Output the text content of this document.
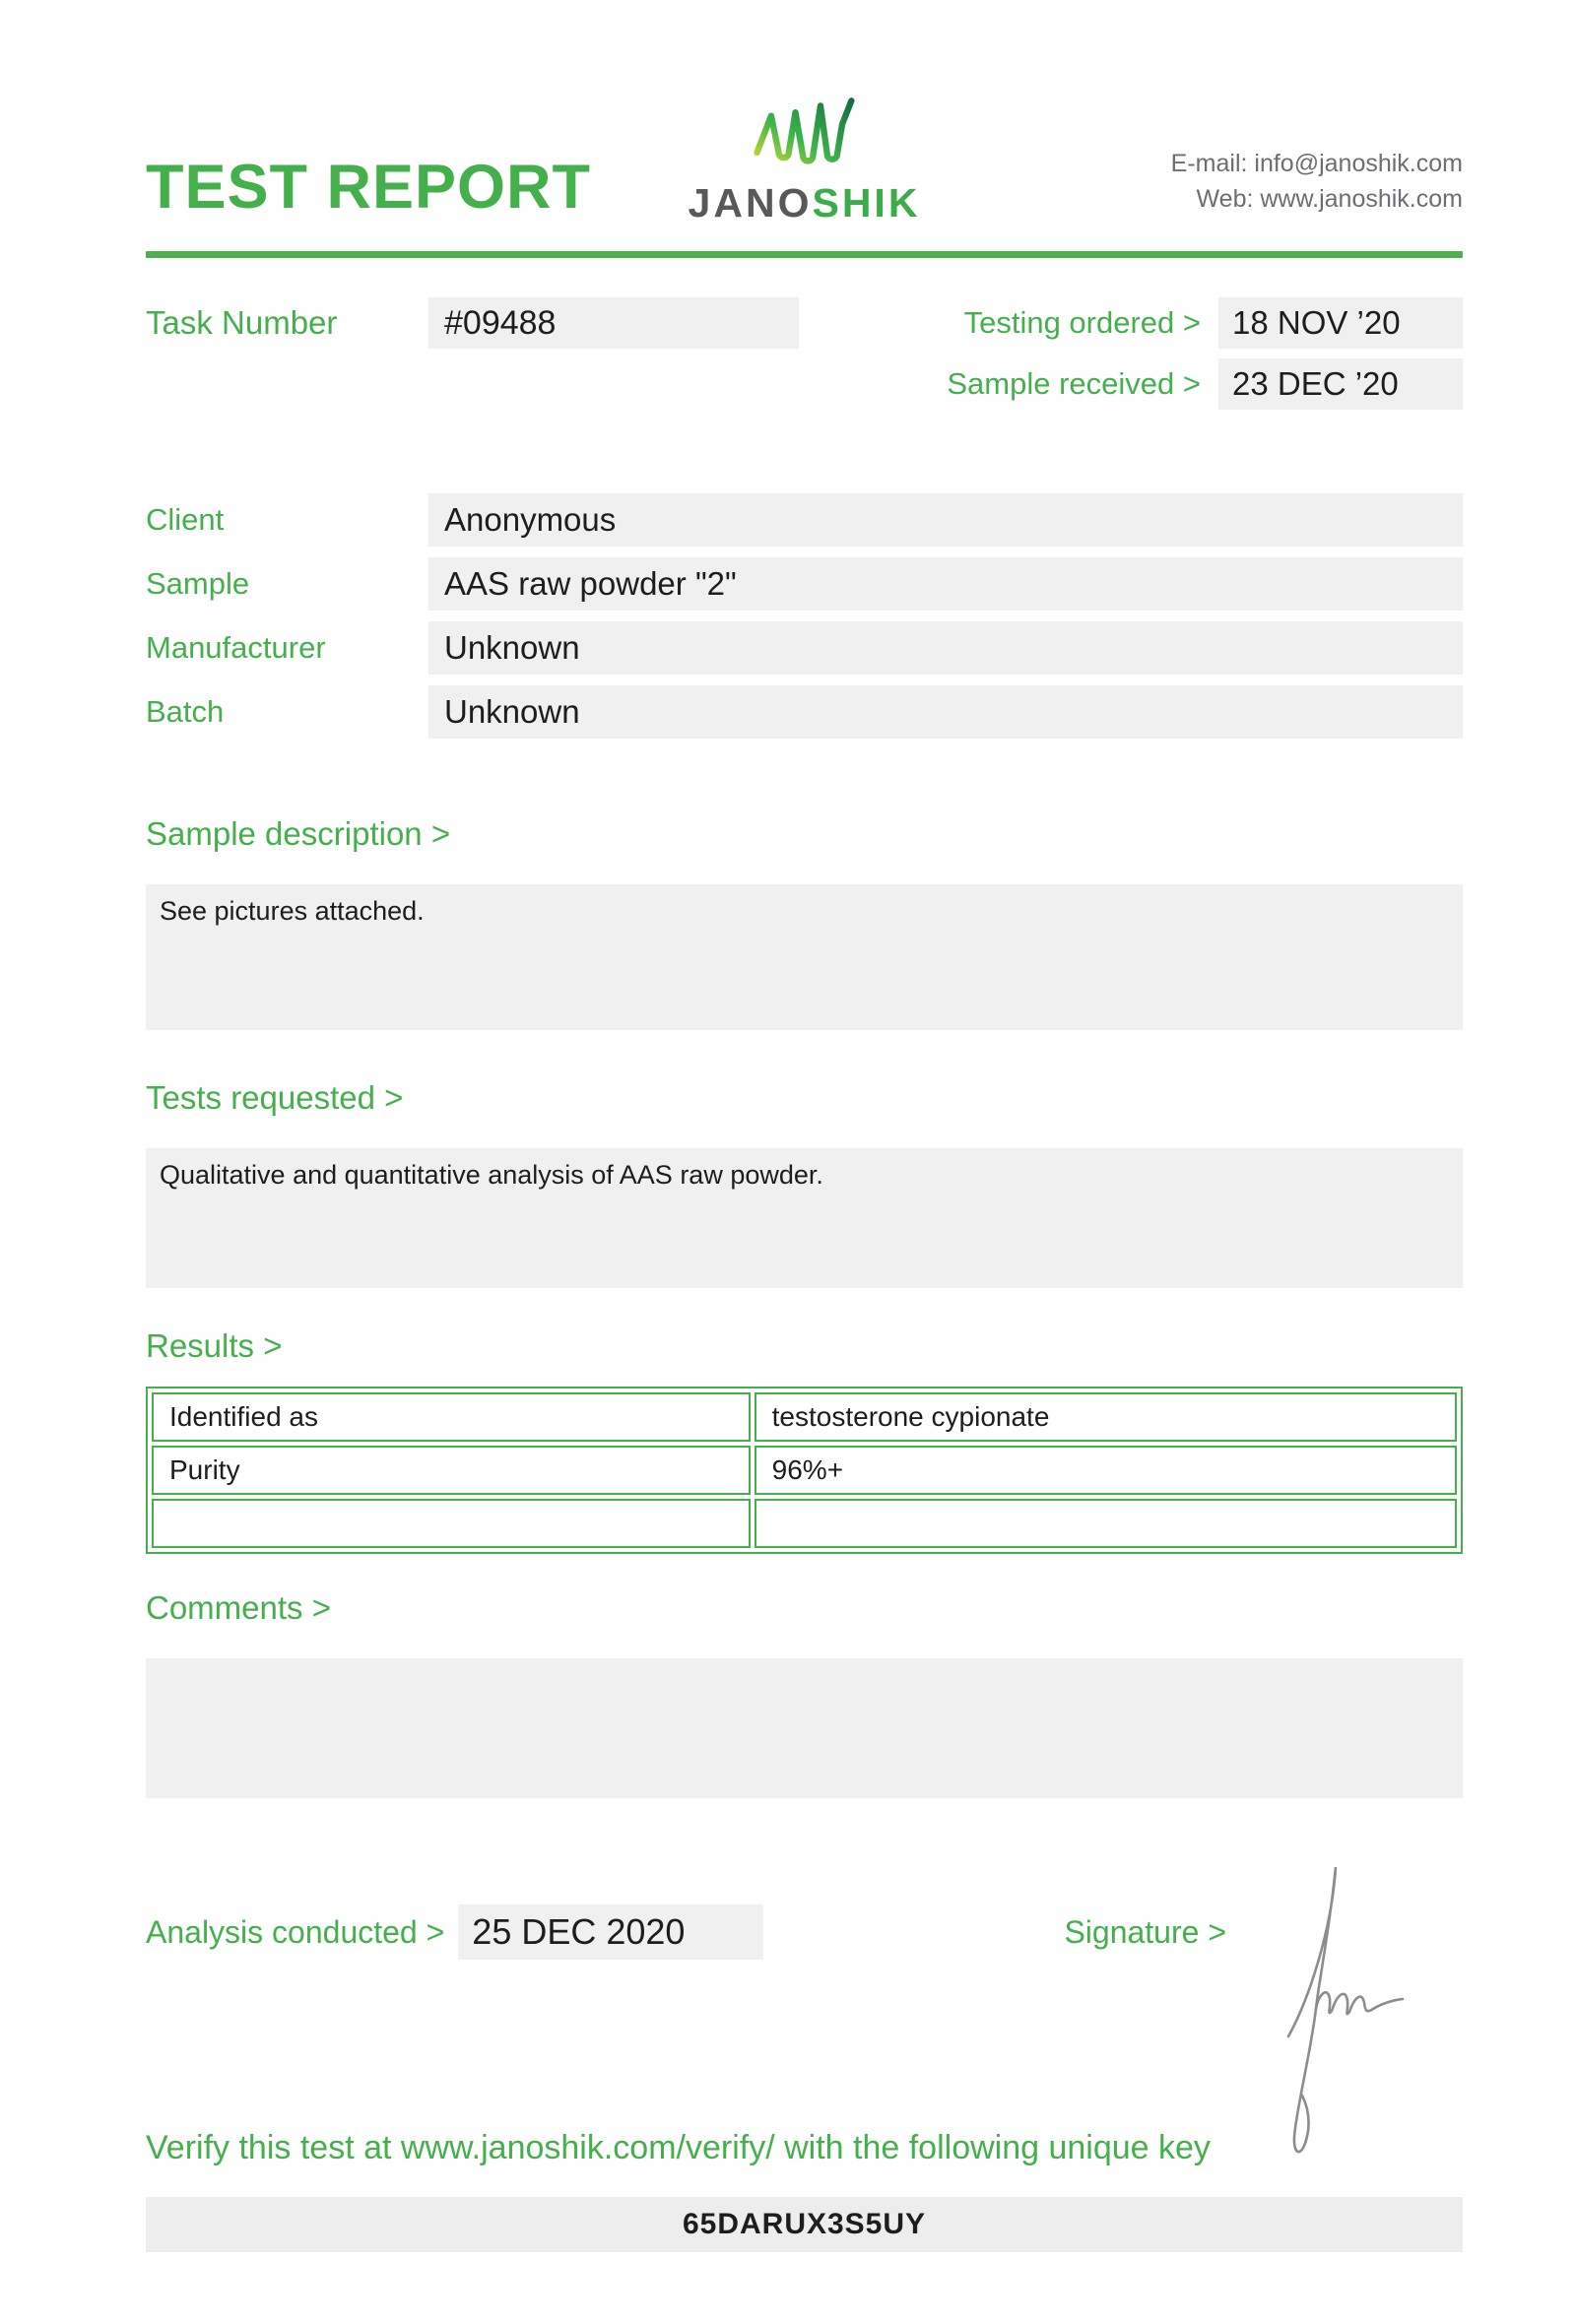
TEST REPORT	JANOSHIK
E-mail: info@janoshik.com
Web: www.janoshik.com
Task Number	#09488	Testing ordered > 18 NOV ’20
Sample received > 23 DEC ’20
Client	Anonymous
Sample	AAS raw powder "2"
Manufacturer	Unknown
Batch	Unknown
Sample description >
See pictures attached.
Tests requested >
Qualitative and quantitative analysis of AAS raw powder.
Results >
Identified as	testosterone cypionate
Purity	96%+

Comments >
Analysis conducted > 25 DEC 2020	Signature >
Verify this test at www.janoshik.com/verify/ with the following unique key
65DARUX3S5UY
